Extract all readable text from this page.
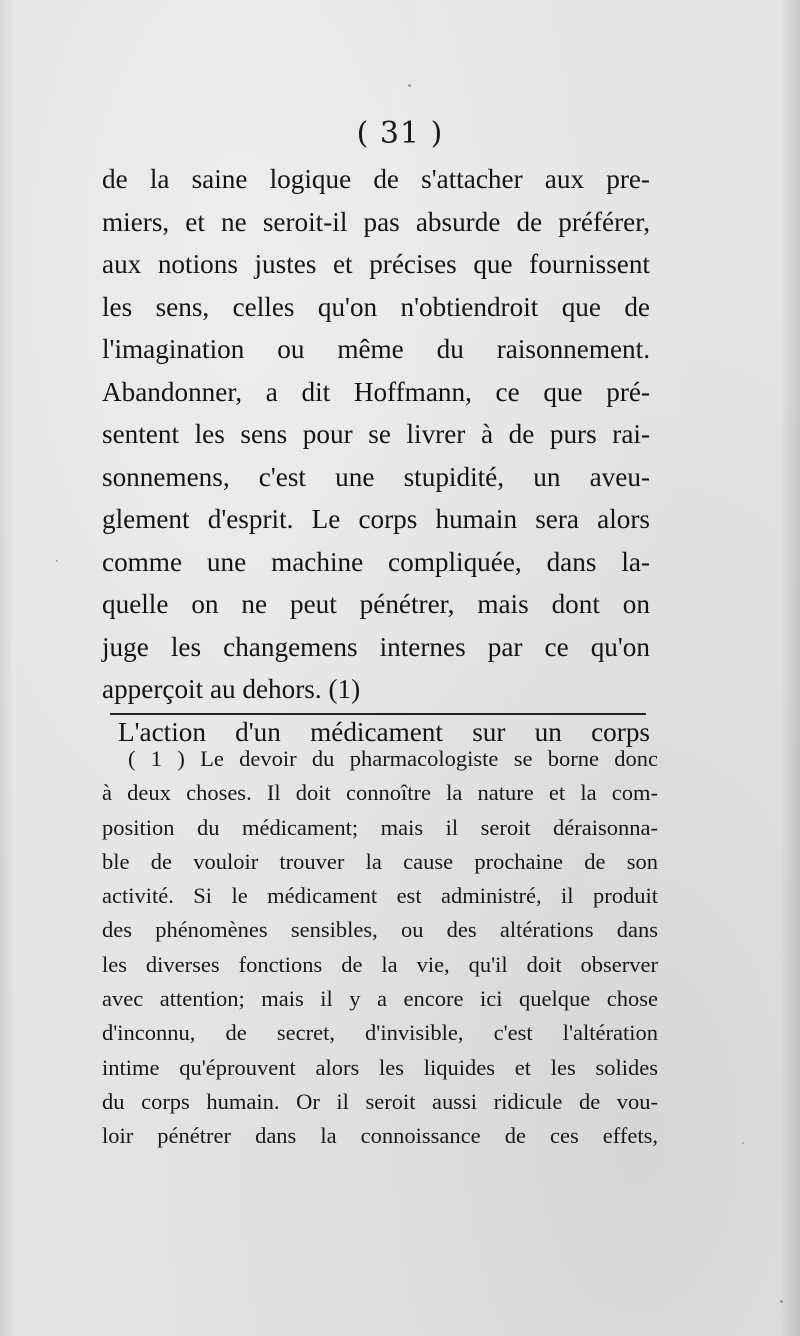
( 31 )
de la saine logique de s'attacher aux pre-
miers, et ne seroit-il pas absurde de préférer,
aux notions justes et précises que fournissent
les sens, celles qu'on n'obtiendroit que de
l'imagination ou même du raisonnement.
Abandonner, a dit Hoffmann, ce que pré-
sentent les sens pour se livrer à de purs rai-
sonnemens, c'est une stupidité, un aveu-
glement d'esprit. Le corps humain sera alors
comme une machine compliquée, dans la-
quelle on ne peut pénétrer, mais dont on
juge les changemens internes par ce qu'on
apperçoit au dehors. (1)
L'action d'un médicament sur un corps
( 1 ) Le devoir du pharmacologiste se borne donc
à deux choses. Il doit connoître la nature et la com-
position du médicament; mais il seroit déraisonna-
ble de vouloir trouver la cause prochaine de son
activité. Si le médicament est administré, il produit
des phénomènes sensibles, ou des altérations dans
les diverses fonctions de la vie, qu'il doit observer
avec attention; mais il y a encore ici quelque chose
d'inconnu, de secret, d'invisible, c'est l'altération
intime qu'éprouvent alors les liquides et les solides
du corps humain. Or il seroit aussi ridicule de vou-
loir pénétrer dans la connoissance de ces effets,
